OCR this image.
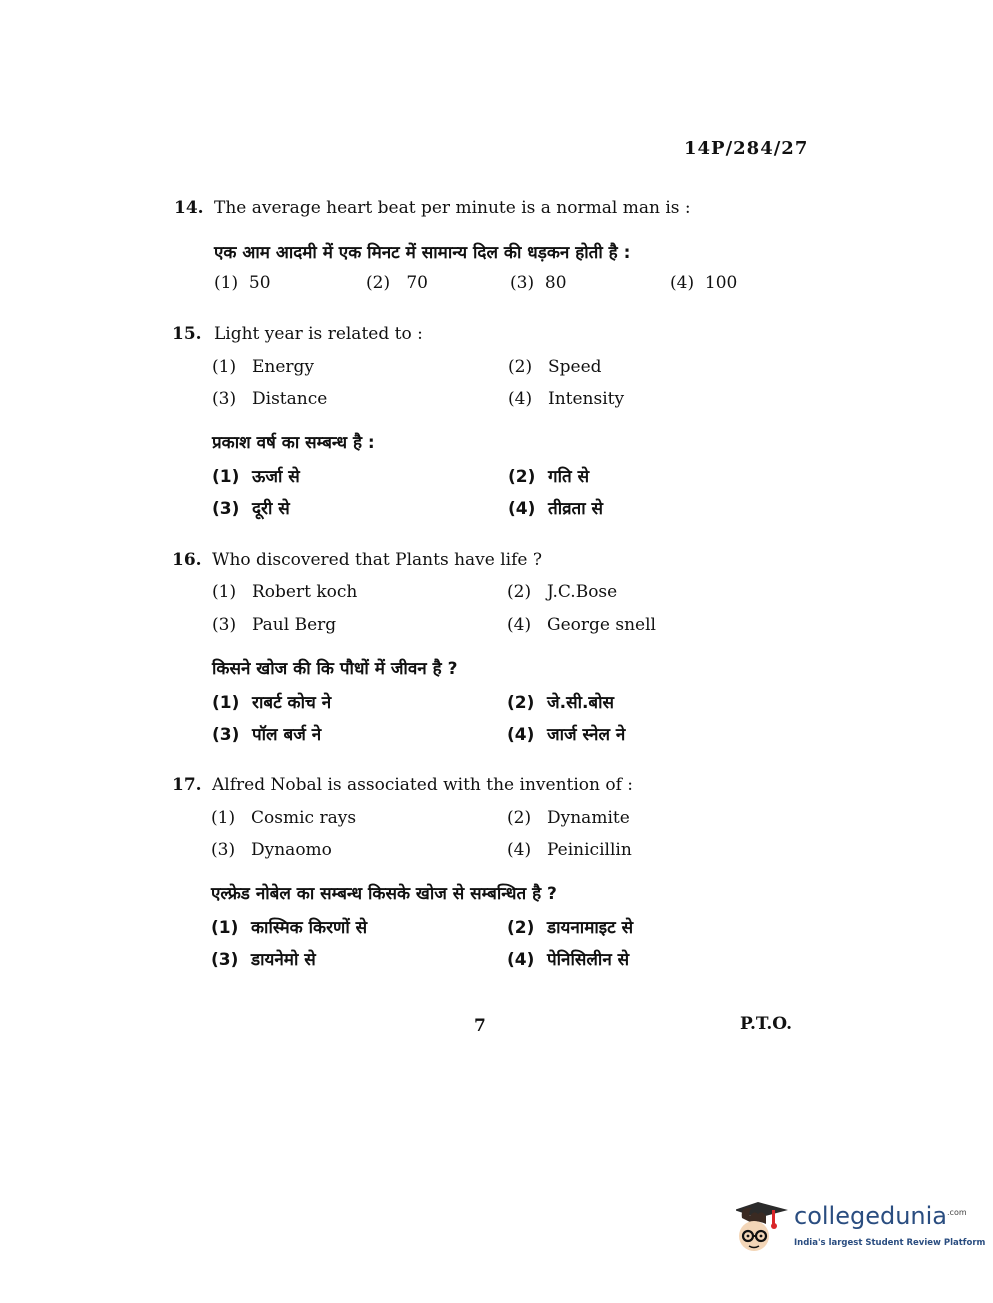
14P/284/27
14. The average heart beat per minute is a normal man is :
एक आम आदमी में एक मिनट में सामान्य दिल की धड़कन होती है :
(1) 50	(2) 70	(3) 80	(4) 100
15. Light year is related to :
(1) Energy	(2) Speed
(3) Distance	(4) Intensity
प्रकाश वर्ष का सम्बन्ध है :
(1) ऊर्जा से	(2) गति से
(3) दूरी से	(4) तीव्रता से
16. Who discovered that Plants have life ?
(1) Robert koch	(2) J.C.Bose
(3) Paul Berg	(4) George snell
किसने खोज की कि पौधों में जीवन है ?
(1) राबर्ट कोच ने	(2) जे.सी.बोस
(3) पॉल बर्ज ने	(4) जार्ज स्नेल ने
17. Alfred Nobal is associated with the invention of :
(1) Cosmic rays	(2) Dynamite
(3) Dynaomo	(4) Peinicillin
एल्फ्रेड नोबेल का सम्बन्ध किसके खोज से सम्बन्धित है ?
(1) कास्मिक किरणों से	(2) डायनामाइट से
(3) डायनेमो से	(4) पेनिसिलीन से
7	P.T.O.
collegedunia$^{.com}$
India's largest Student Review Platform
